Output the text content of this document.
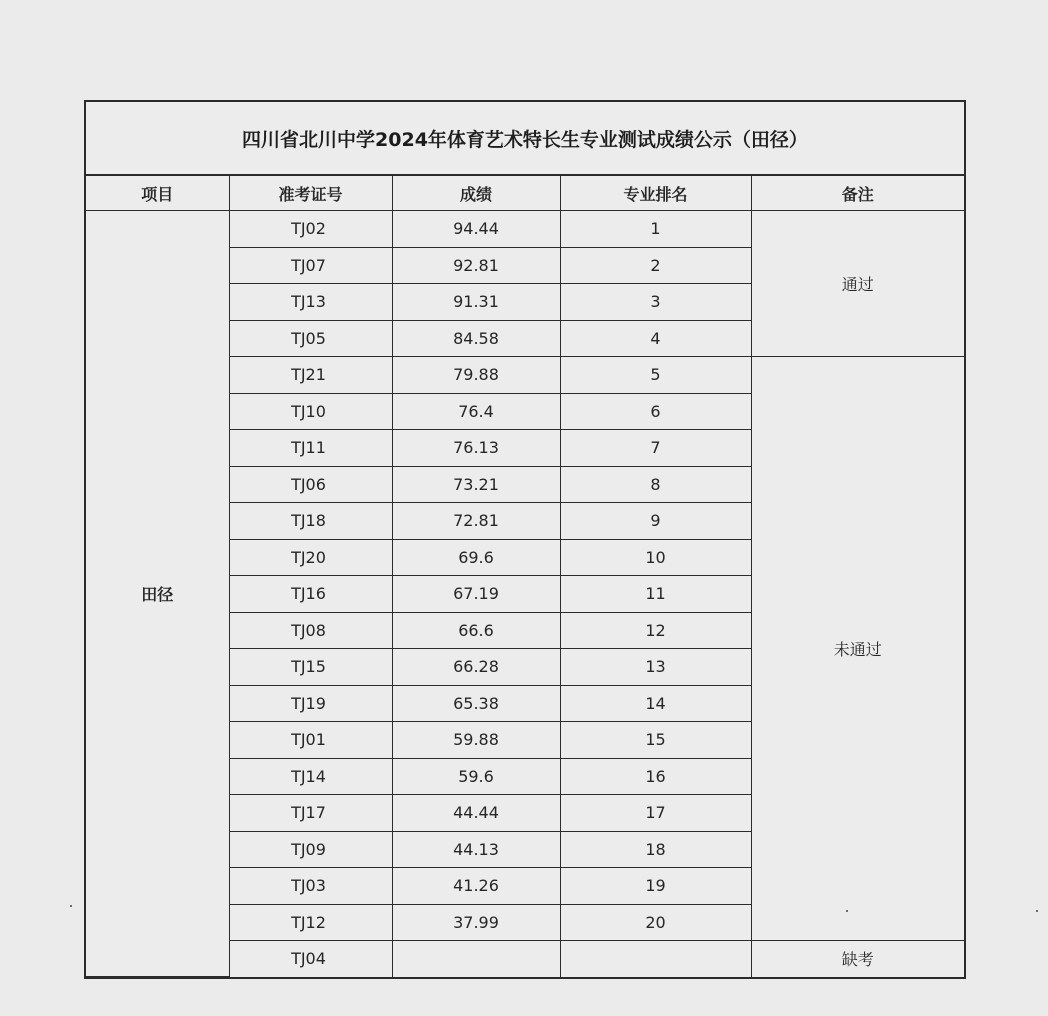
四川省北川中学2024年体育艺术特长生专业测试成绩公示（田径）
项目	准考证号	成绩	专业排名	备注
田径	TJ02	94.44	1	通过
	TJ07	92.81	2	
	TJ13	91.31	3	
	TJ05	84.58	4	
	TJ21	79.88	5	未通过
	TJ10	76.4	6	
	TJ11	76.13	7	
	TJ06	73.21	8	
	TJ18	72.81	9	
	TJ20	69.6	10	
	TJ16	67.19	11	
	TJ08	66.6	12	
	TJ15	66.28	13	
	TJ19	65.38	14	
	TJ01	59.88	15	
	TJ14	59.6	16	
	TJ17	44.44	17	
	TJ09	44.13	18	
	TJ03	41.26	19	
	TJ12	37.99	20	
	TJ04			缺考
